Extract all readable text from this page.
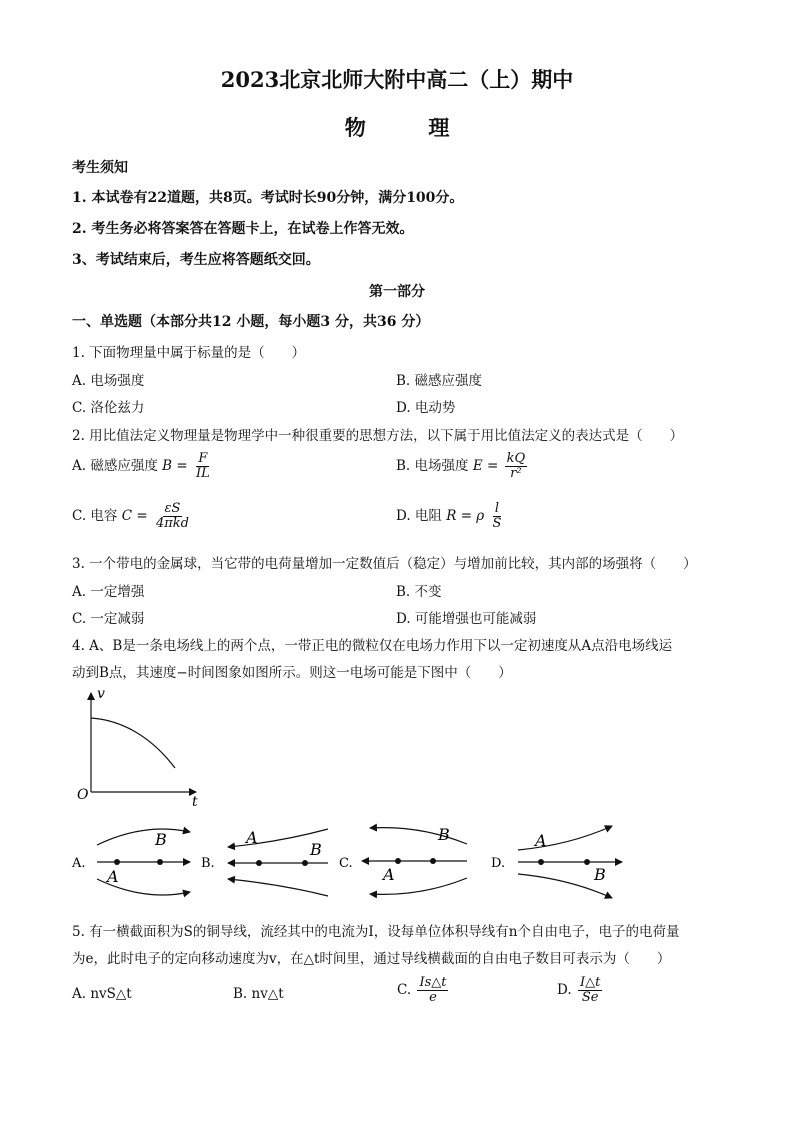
2023北京北师大附中高二（上）期中
物	理
考生须知
1. 本试卷有22道题，共8页。考试时长90分钟，满分100分。
2. 考生务必将答案答在答题卡上，在试卷上作答无效。
3、考试结束后，考生应将答题纸交回。
第一部分
一、单选题（本部分共12 小题，每小题3 分，共36 分）
1. 下面物理量中属于标量的是（　　）
A. 电场强度	B. 磁感应强度
C. 洛伦兹力	D. 电动势
2. 用比值法定义物理量是物理学中一种很重要的思想方法，以下属于用比值法定义的表达式是（　　）
A. 磁感应强度 $B = \frac{F}{IL}$	B. 电场强度 $E = \frac{kQ}{\text{r²}}$
C. 电容 $C = \frac{\varepsilon S}{\text{4πkd}}$	D. 电阻 R = ρ $\frac{l}{S}$
3. 一个带电的金属球，当它带的电荷量增加一定数值后（稳定）与增加前比较，其内部的场强将（　　）
A. 一定增强	B. 不变
C. 一定减弱	D. 可能增强也可能减弱
4. A、B是一条电场线上的两个点，一带正电的微粒仅在电场力作用下以一定初速度从A点沿电场线运
动到B点，其速度−时间图象如图所示。则这一电场可能是下图中（　　）
v
t
O
A.
B
A
B.
A
B
C.
B
A
D.
A
B
5. 有一横截面积为S的铜导线，流经其中的电流为I，设每单位体积导线有n个自由电子，电子的电荷量
为e，此时电子的定向移动速度为v，在△t时间里，通过导线横截面的自由电子数目可表示为（　　）
A. nvS△t	B. nv△t	C. $\frac{Is\triangle t}{e}$	D. $\frac{I\triangle t}{Se}$
